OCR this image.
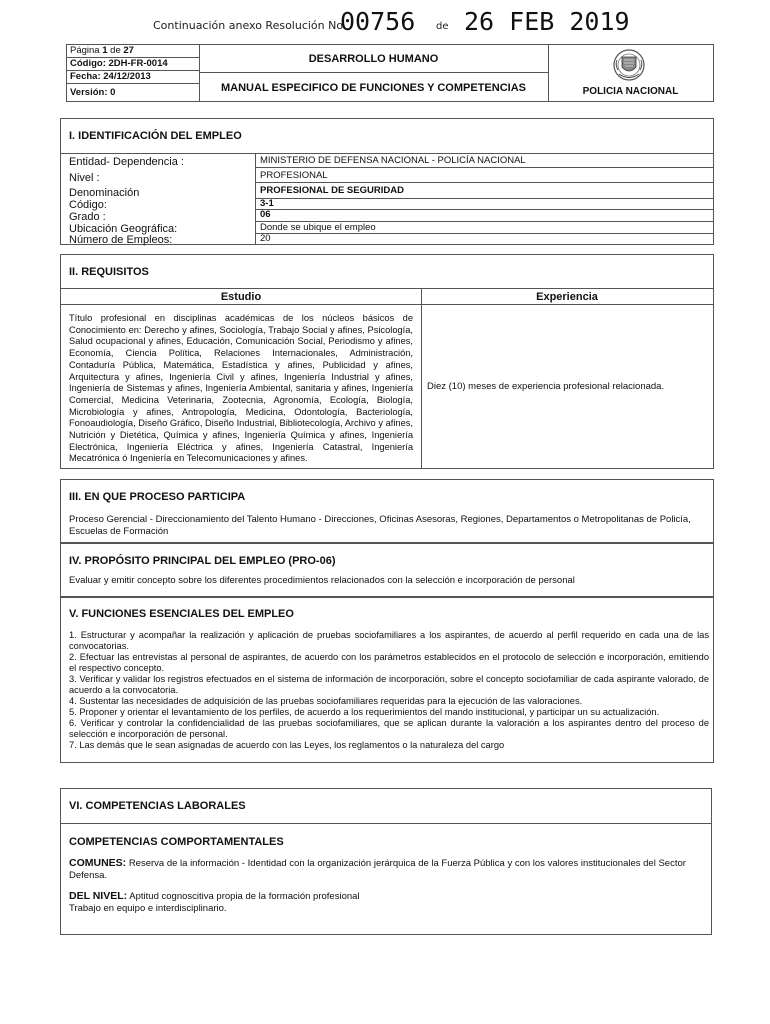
Continuación anexo Resolución No.
00756 de 26 FEB 2019
Página 1 de 27
Código: 2DH-FR-0014
Fecha: 24/12/2013
Versión: 0
DESARROLLO HUMANO
MANUAL ESPECIFICO DE FUNCIONES Y COMPETENCIAS	POLICIA NACIONAL
I. IDENTIFICACIÓN DEL EMPLEO
Entidad- Dependencia :
Nivel :
Denominación
Código:
Grado :
Ubicación Geográfica:
Número de Empleos:
MINISTERIO DE DEFENSA NACIONAL - POLICÍA NACIONAL
PROFESIONAL
PROFESIONAL DE SEGURIDAD
3-1
06
Donde se ubique el empleo
20
II. REQUISITOS
Estudio	Experiencia
Título profesional en disciplinas académicas de los núcleos básicos de Conocimiento en: Derecho y afines, Sociología, Trabajo Social y afines, Psicología, Salud ocupacional y afines, Educación, Comunicación Social, Periodismo y afines, Economía, Ciencia Política, Relaciones Internacionales, Administración, Contaduría Pública, Matemática, Estadística y afines, Publicidad y afines, Arquitectura y afines, Ingeniería Civil y afines, Ingeniería Industrial y afines, Ingeniería de Sistemas y afines, Ingeniería Ambiental, sanitaria y afines, Ingeniería Comercial, Medicina Veterinaria, Zootecnia, Agronomía, Ecología, Biología, Microbiología y afines, Antropología, Medicina, Odontología, Bacteriología, Fonoaudiología, Diseño Gráfico, Diseño Industrial, Bibliotecología, Archivo y afines, Nutrición y Dietética, Química y afines, Ingeniería Química y afines, Ingeniería Electrónica, Ingeniería Eléctrica y afines, Ingeniería Catastral, Ingeniería Mecatrónica ó Ingeniería en Telecomunicaciones y afines.
Diez (10) meses de experiencia profesional relacionada.
III. EN QUE PROCESO PARTICIPA
Proceso Gerencial - Direccionamiento del Talento Humano - Direcciones, Oficinas Asesoras, Regiones, Departamentos o Metropolitanas de Policía, Escuelas de Formación
IV. PROPÓSITO PRINCIPAL DEL EMPLEO (PRO-06)
Evaluar y emitir concepto sobre los diferentes procedimientos relacionados con la selección e incorporación de personal
V. FUNCIONES ESENCIALES DEL EMPLEO
1. Estructurar y acompañar la realización y aplicación de pruebas sociofamiliares a los aspirantes, de acuerdo al perfil requerido en cada una de las convocatorias.
2. Efectuar las entrevistas al personal de aspirantes, de acuerdo con los parámetros establecidos en el protocolo de selección e incorporación, emitiendo el respectivo concepto.
3. Verificar y validar los registros efectuados en el sistema de información de incorporación, sobre el concepto sociofamiliar de cada aspirante valorado, de acuerdo a la convocatoria.
4. Sustentar las necesidades de adquisición de las pruebas sociofamiliares requeridas para la ejecución de las valoraciones.
5. Proponer y orientar el levantamiento de los perfiles, de acuerdo a los requerimientos del mando institucional, y participar un su actualización.
6. Verificar y controlar la confidencialidad de las pruebas sociofamiliares, que se aplican durante la valoración a los aspirantes dentro del proceso de selección e incorporación de personal.
7. Las demás que le sean asignadas de acuerdo con las Leyes, los reglamentos o la naturaleza del cargo
VI. COMPETENCIAS LABORALES
COMPETENCIAS COMPORTAMENTALES
COMUNES: Reserva de la información - Identidad con la organización jerárquica de la Fuerza Pública y con los valores institucionales del Sector Defensa.
DEL NIVEL: Aptitud cognoscitiva propia de la formación profesional
Trabajo en equipo e interdisciplinario.
